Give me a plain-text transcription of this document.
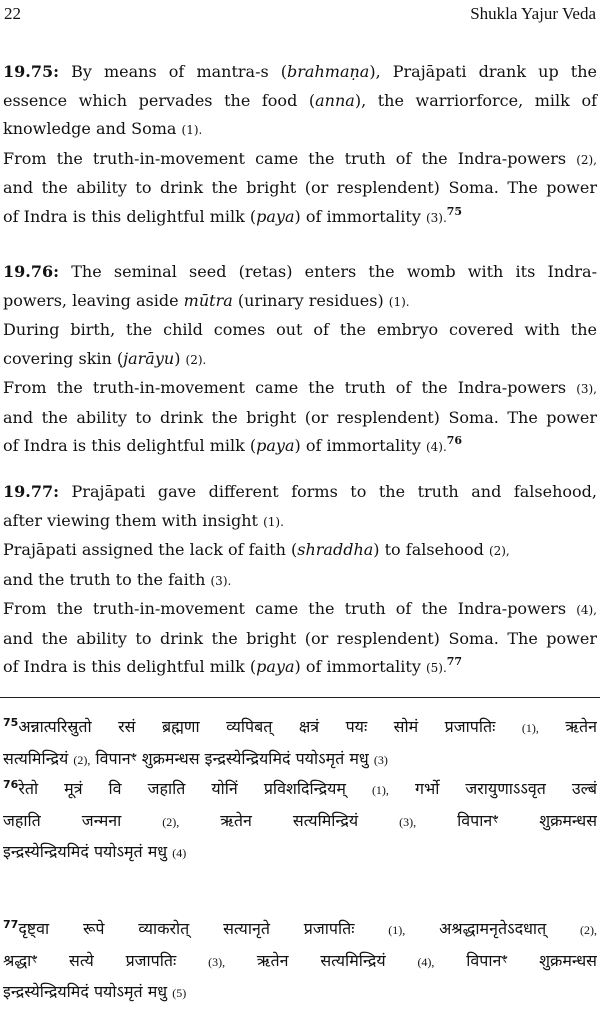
22	Shukla Yajur Veda
19.75: By means of mantra-s (brahmaṇa), Prajāpati drank up the
essence which pervades the food (anna), the warriorforce, milk of
knowledge and Soma (1).
From the truth-in-movement came the truth of the Indra-powers (2),
and the ability to drink the bright (or resplendent) Soma. The power
of Indra is this delightful milk (paya) of immortality (3).$^{75}$
19.76: The seminal seed (retas) enters the womb with its Indra-
powers, leaving aside mūtra (urinary residues) (1).
During birth, the child comes out of the embryo covered with the
covering skin (jarāyu) (2).
From the truth-in-movement came the truth of the Indra-powers (3),
and the ability to drink the bright (or resplendent) Soma. The power
of Indra is this delightful milk (paya) of immortality (4).$^{76}$
19.77: Prajāpati gave different forms to the truth and falsehood,
after viewing them with insight (1).
Prajāpati assigned the lack of faith (shraddha) to falsehood (2),
and the truth to the faith (3).
From the truth-in-movement came the truth of the Indra-powers (4),
and the ability to drink the bright (or resplendent) Soma. The power
of Indra is this delightful milk (paya) of immortality (5).$^{77}$
$^{75}$अन्नात्परिस्रुतो रसं ब्रह्मणा व्यपिबत् क्षत्रं पयः सोमं प्रजापतिः (1), ऋतेन
सत्यमिन्द्रियं (2), विपानꣳ शुक्रमन्धस इन्द्रस्येन्द्रियमिदं पयोऽमृतं मधु (3)
$^{76}$रेतो मूत्रं वि जहाति योनिं प्रविशदिन्द्रियम् (1), गर्भो जरायुणाऽऽवृत उल्बं
जहाति जन्मना	(2),	ऋतेन सत्यमिन्द्रियं	(3),	विपानꣳ शुक्रमन्धस
इन्द्रस्येन्द्रियमिदं पयोऽमृतं मधु (4)
$^{77}$दृष्ट्वा रूपे व्याकरोत् सत्यानृते प्रजापतिः	(1), अश्रद्धामनृतेऽदधात्	(2),
श्रद्धाꣳ सत्ये प्रजापतिः	(3), ऋतेन सत्यमिन्द्रियं	(4), विपानꣳ शुक्रमन्धस
इन्द्रस्येन्द्रियमिदं पयोऽमृतं मधु (5)
